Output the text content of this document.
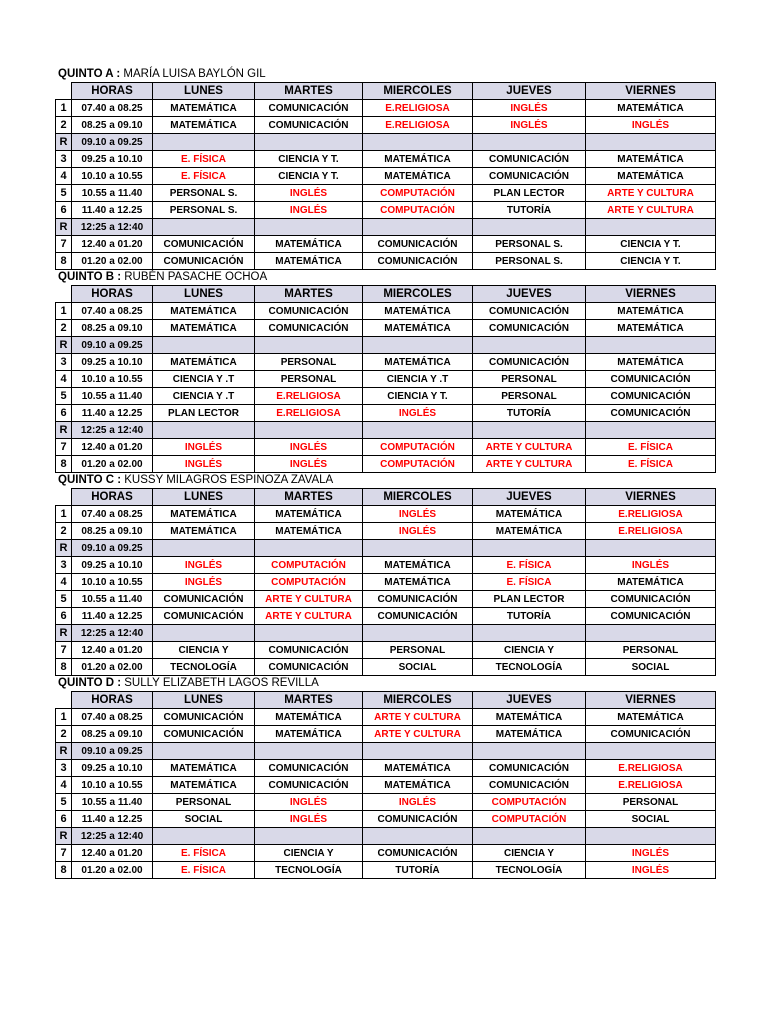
QUINTO A : MARÍA LUISA BAYLÓN GIL
	HORAS	LUNES	MARTES	MIERCOLES	JUEVES	VIERNES
1	07.40 a 08.25	MATEMÁTICA	COMUNICACIÓN	E.RELIGIOSA	INGLÉS	MATEMÁTICA
2	08.25 a 09.10	MATEMÁTICA	COMUNICACIÓN	E.RELIGIOSA	INGLÉS	INGLÉS
R	09.10 a 09.25					
3	09.25 a 10.10	E. FÍSICA	CIENCIA Y T.	MATEMÁTICA	COMUNICACIÓN	MATEMÁTICA
4	10.10 a 10.55	E. FÍSICA	CIENCIA Y T.	MATEMÁTICA	COMUNICACIÓN	MATEMÁTICA
5	10.55 a 11.40	PERSONAL S.	INGLÉS	COMPUTACIÓN	PLAN LECTOR	ARTE Y CULTURA
6	11.40 a 12.25	PERSONAL S.	INGLÉS	COMPUTACIÓN	TUTORÍA	ARTE Y CULTURA
R	12:25 a 12:40					
7	12.40 a 01.20	COMUNICACIÓN	MATEMÁTICA	COMUNICACIÓN	PERSONAL S.	CIENCIA Y T.
8	01.20 a 02.00	COMUNICACIÓN	MATEMÁTICA	COMUNICACIÓN	PERSONAL S.	CIENCIA Y T.
QUINTO B : RUBÉN PASACHE OCHOA
	HORAS	LUNES	MARTES	MIERCOLES	JUEVES	VIERNES
1	07.40 a 08.25	MATEMÁTICA	COMUNICACIÓN	MATEMÁTICA	COMUNICACIÓN	MATEMÁTICA
2	08.25 a 09.10	MATEMÁTICA	COMUNICACIÓN	MATEMÁTICA	COMUNICACIÓN	MATEMÁTICA
R	09.10 a 09.25					
3	09.25 a 10.10	MATEMÁTICA	PERSONAL	MATEMÁTICA	COMUNICACIÓN	MATEMÁTICA
4	10.10 a 10.55	CIENCIA Y .T	PERSONAL	CIENCIA Y .T	PERSONAL	COMUNICACIÓN
5	10.55 a 11.40	CIENCIA Y .T	E.RELIGIOSA	CIENCIA Y T.	PERSONAL	COMUNICACIÓN
6	11.40 a 12.25	PLAN LECTOR	E.RELIGIOSA	INGLÉS	TUTORÍA	COMUNICACIÓN
R	12:25 a 12:40					
7	12.40 a 01.20	INGLÉS	INGLÉS	COMPUTACIÓN	ARTE Y CULTURA	E. FÍSICA
8	01.20 a 02.00	INGLÉS	INGLÉS	COMPUTACIÓN	ARTE Y CULTURA	E. FÍSICA
QUINTO C : KUSSY MILAGROS ESPINOZA ZAVALA
	HORAS	LUNES	MARTES	MIERCOLES	JUEVES	VIERNES
1	07.40 a 08.25	MATEMÁTICA	MATEMÁTICA	INGLÉS	MATEMÁTICA	E.RELIGIOSA
2	08.25 a 09.10	MATEMÁTICA	MATEMÁTICA	INGLÉS	MATEMÁTICA	E.RELIGIOSA
R	09.10 a 09.25					
3	09.25 a 10.10	INGLÉS	COMPUTACIÓN	MATEMÁTICA	E. FÍSICA	INGLÉS
4	10.10 a 10.55	INGLÉS	COMPUTACIÓN	MATEMÁTICA	E. FÍSICA	MATEMÁTICA
5	10.55 a 11.40	COMUNICACIÓN	ARTE Y CULTURA	COMUNICACIÓN	PLAN LECTOR	COMUNICACIÓN
6	11.40 a 12.25	COMUNICACIÓN	ARTE Y CULTURA	COMUNICACIÓN	TUTORÍA	COMUNICACIÓN
R	12:25 a 12:40					
7	12.40 a 01.20	CIENCIA Y	COMUNICACIÓN	PERSONAL	CIENCIA Y	PERSONAL
8	01.20 a 02.00	TECNOLOGÍA	COMUNICACIÓN	SOCIAL	TECNOLOGÍA	SOCIAL
QUINTO D : SULLY ELIZABETH LAGOS REVILLA
	HORAS	LUNES	MARTES	MIERCOLES	JUEVES	VIERNES
1	07.40 a 08.25	COMUNICACIÓN	MATEMÁTICA	ARTE Y CULTURA	MATEMÁTICA	MATEMÁTICA
2	08.25 a 09.10	COMUNICACIÓN	MATEMÁTICA	ARTE Y CULTURA	MATEMÁTICA	COMUNICACIÓN
R	09.10 a 09.25					
3	09.25 a 10.10	MATEMÁTICA	COMUNICACIÓN	MATEMÁTICA	COMUNICACIÓN	E.RELIGIOSA
4	10.10 a 10.55	MATEMÁTICA	COMUNICACIÓN	MATEMÁTICA	COMUNICACIÓN	E.RELIGIOSA
5	10.55 a 11.40	PERSONAL	INGLÉS	INGLÉS	COMPUTACIÓN	PERSONAL
6	11.40 a 12.25	SOCIAL	INGLÉS	COMUNICACIÓN	COMPUTACIÓN	SOCIAL
R	12:25 a 12:40					
7	12.40 a 01.20	E. FÍSICA	CIENCIA Y	COMUNICACIÓN	CIENCIA Y	INGLÉS
8	01.20 a 02.00	E. FÍSICA	TECNOLOGÍA	TUTORÍA	TECNOLOGÍA	INGLÉS
